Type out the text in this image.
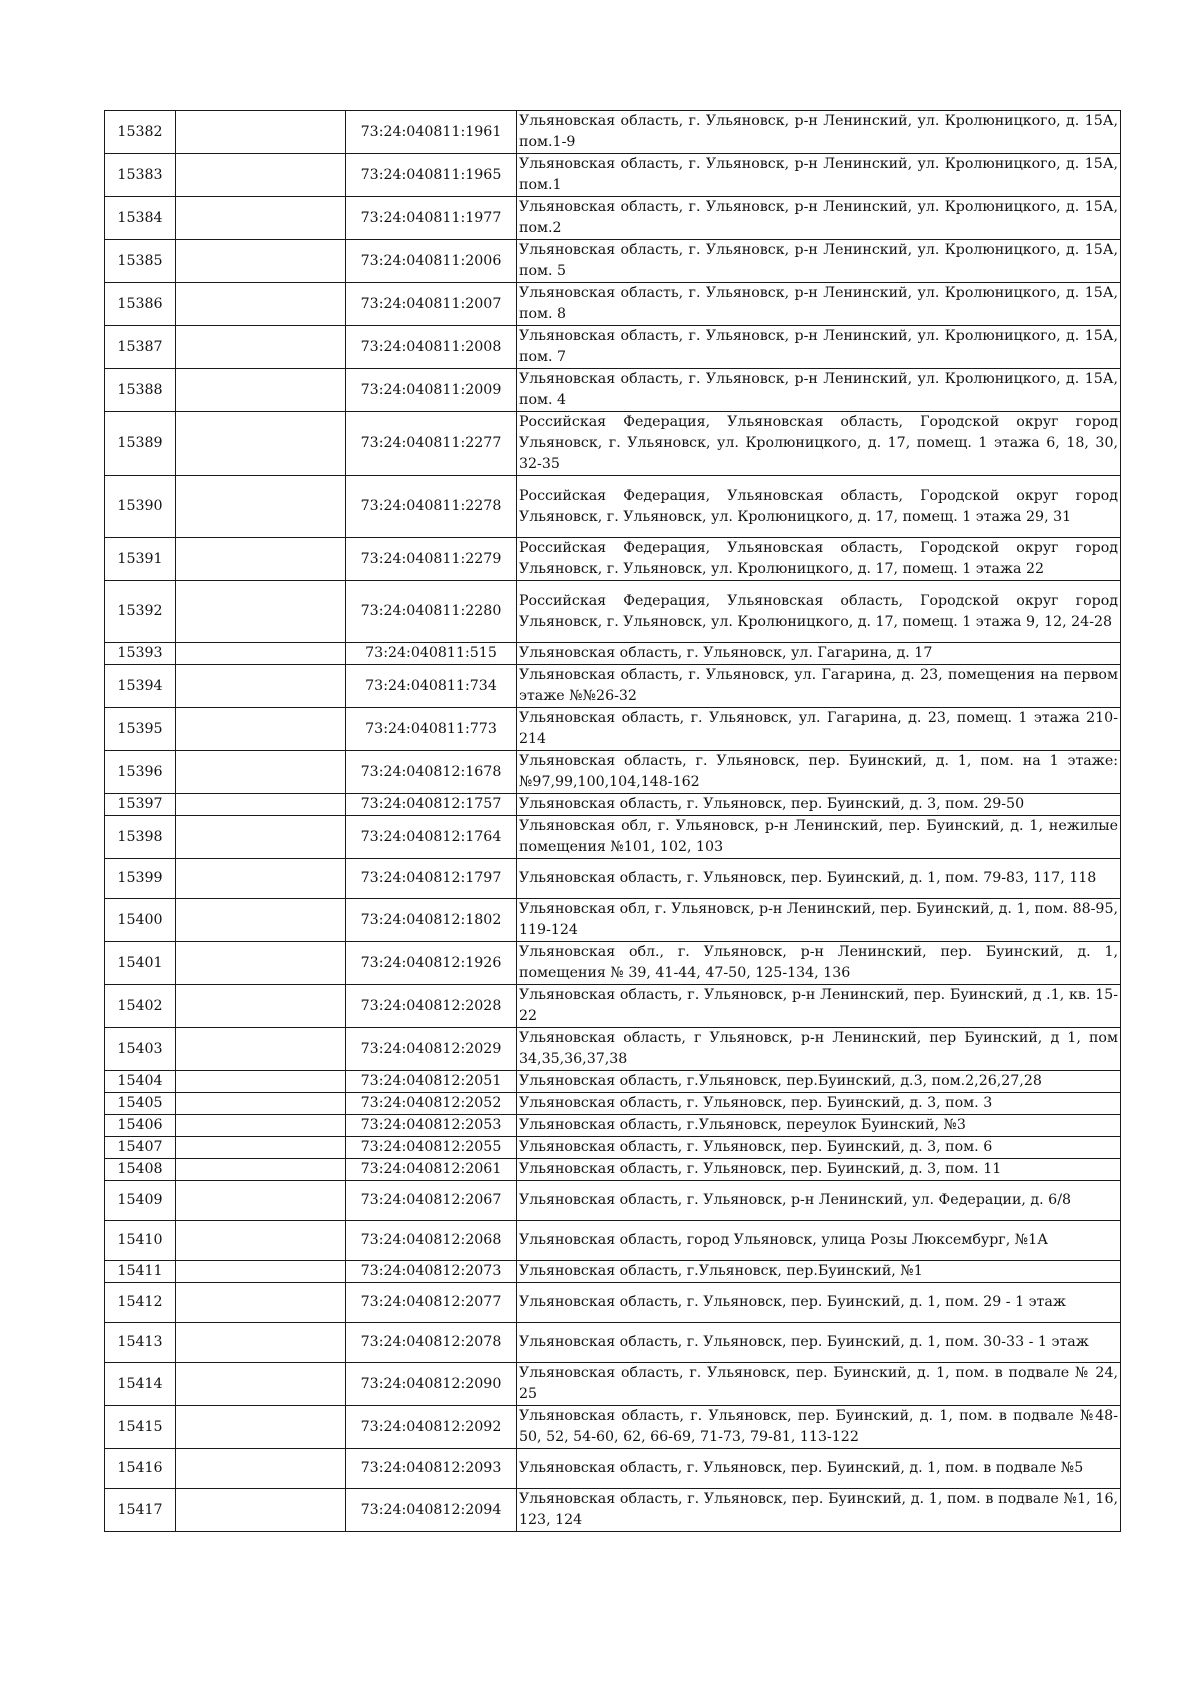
15382		73:24:040811:1961	Ульяновская область, г. Ульяновск, р-н Ленинский, ул. Кролюницкого, д. 15А, пом.1-9
15383		73:24:040811:1965	Ульяновская область, г. Ульяновск, р-н Ленинский, ул. Кролюницкого, д. 15А, пом.1
15384		73:24:040811:1977	Ульяновская область, г. Ульяновск, р-н Ленинский, ул. Кролюницкого, д. 15А, пом.2
15385		73:24:040811:2006	Ульяновская область, г. Ульяновск, р-н Ленинский, ул. Кролюницкого, д. 15А, пом. 5
15386		73:24:040811:2007	Ульяновская область, г. Ульяновск, р-н Ленинский, ул. Кролюницкого, д. 15А, пом. 8
15387		73:24:040811:2008	Ульяновская область, г. Ульяновск, р-н Ленинский, ул. Кролюницкого, д. 15А, пом. 7
15388		73:24:040811:2009	Ульяновская область, г. Ульяновск, р-н Ленинский, ул. Кролюницкого, д. 15А, пом. 4
15389		73:24:040811:2277	Российская Федерация, Ульяновская область, Городской округ город Ульяновск, г. Ульяновск, ул. Кролюницкого, д. 17, помещ. 1 этажа 6, 18, 30, 32-35
15390		73:24:040811:2278	Российская Федерация, Ульяновская область, Городской округ город Ульяновск, г. Ульяновск, ул. Кролюницкого, д. 17, помещ. 1 этажа 29, 31
15391		73:24:040811:2279	Российская Федерация, Ульяновская область, Городской округ город Ульяновск, г. Ульяновск, ул. Кролюницкого, д. 17, помещ. 1 этажа 22
15392		73:24:040811:2280	Российская Федерация, Ульяновская область, Городской округ город Ульяновск, г. Ульяновск, ул. Кролюницкого, д. 17, помещ. 1 этажа 9, 12, 24-28
15393		73:24:040811:515	Ульяновская область, г. Ульяновск, ул. Гагарина, д. 17
15394		73:24:040811:734	Ульяновская область, г. Ульяновск, ул. Гагарина, д. 23, помещения на первом этаже №№26-32
15395		73:24:040811:773	Ульяновская область, г. Ульяновск, ул. Гагарина, д. 23, помещ. 1 этажа 210-214
15396		73:24:040812:1678	Ульяновская область, г. Ульяновск, пер. Буинский, д. 1, пом. на 1 этаже: №97,99,100,104,148-162
15397		73:24:040812:1757	Ульяновская область, г. Ульяновск, пер. Буинский, д. 3, пом. 29-50
15398		73:24:040812:1764	Ульяновская обл, г. Ульяновск, р-н Ленинский, пер. Буинский, д. 1, нежилые помещения №101, 102, 103
15399		73:24:040812:1797	Ульяновская область, г. Ульяновск, пер. Буинский, д. 1, пом. 79-83, 117, 118
15400		73:24:040812:1802	Ульяновская обл, г. Ульяновск, р-н Ленинский, пер. Буинский, д. 1, пом. 88-95, 119-124
15401		73:24:040812:1926	Ульяновская обл., г. Ульяновск, р-н Ленинский, пер. Буинский, д. 1, помещения № 39, 41-44, 47-50, 125-134, 136
15402		73:24:040812:2028	Ульяновская область, г. Ульяновск, р-н Ленинский, пер. Буинский, д .1, кв. 15-22
15403		73:24:040812:2029	Ульяновская область, г Ульяновск, р-н Ленинский, пер Буинский, д 1, пом 34,35,36,37,38
15404		73:24:040812:2051	Ульяновская область, г.Ульяновск, пер.Буинский, д.3, пом.2,26,27,28
15405		73:24:040812:2052	Ульяновская область, г. Ульяновск, пер. Буинский, д. 3, пом. 3
15406		73:24:040812:2053	Ульяновская область, г.Ульяновск, переулок Буинский, №3
15407		73:24:040812:2055	Ульяновская область, г. Ульяновск, пер. Буинский, д. 3, пом. 6
15408		73:24:040812:2061	Ульяновская область, г. Ульяновск, пер. Буинский, д. 3, пом. 11
15409		73:24:040812:2067	Ульяновская область, г. Ульяновск, р-н Ленинский, ул. Федерации, д. 6/8
15410		73:24:040812:2068	Ульяновская область, город Ульяновск, улица Розы Люксембург, №1А
15411		73:24:040812:2073	Ульяновская область, г.Ульяновск, пер.Буинский, №1
15412		73:24:040812:2077	Ульяновская область, г. Ульяновск, пер. Буинский, д. 1, пом. 29 - 1 этаж
15413		73:24:040812:2078	Ульяновская область, г. Ульяновск, пер. Буинский, д. 1, пом. 30-33 - 1 этаж
15414		73:24:040812:2090	Ульяновская область, г. Ульяновск, пер. Буинский, д. 1, пом. в подвале № 24, 25
15415		73:24:040812:2092	Ульяновская область, г. Ульяновск, пер. Буинский, д. 1, пом. в подвале №48-50, 52, 54-60, 62, 66-69, 71-73, 79-81, 113-122
15416		73:24:040812:2093	Ульяновская область, г. Ульяновск, пер. Буинский, д. 1, пом. в подвале №5
15417		73:24:040812:2094	Ульяновская область, г. Ульяновск, пер. Буинский, д. 1, пом. в подвале №1, 16, 123, 124
